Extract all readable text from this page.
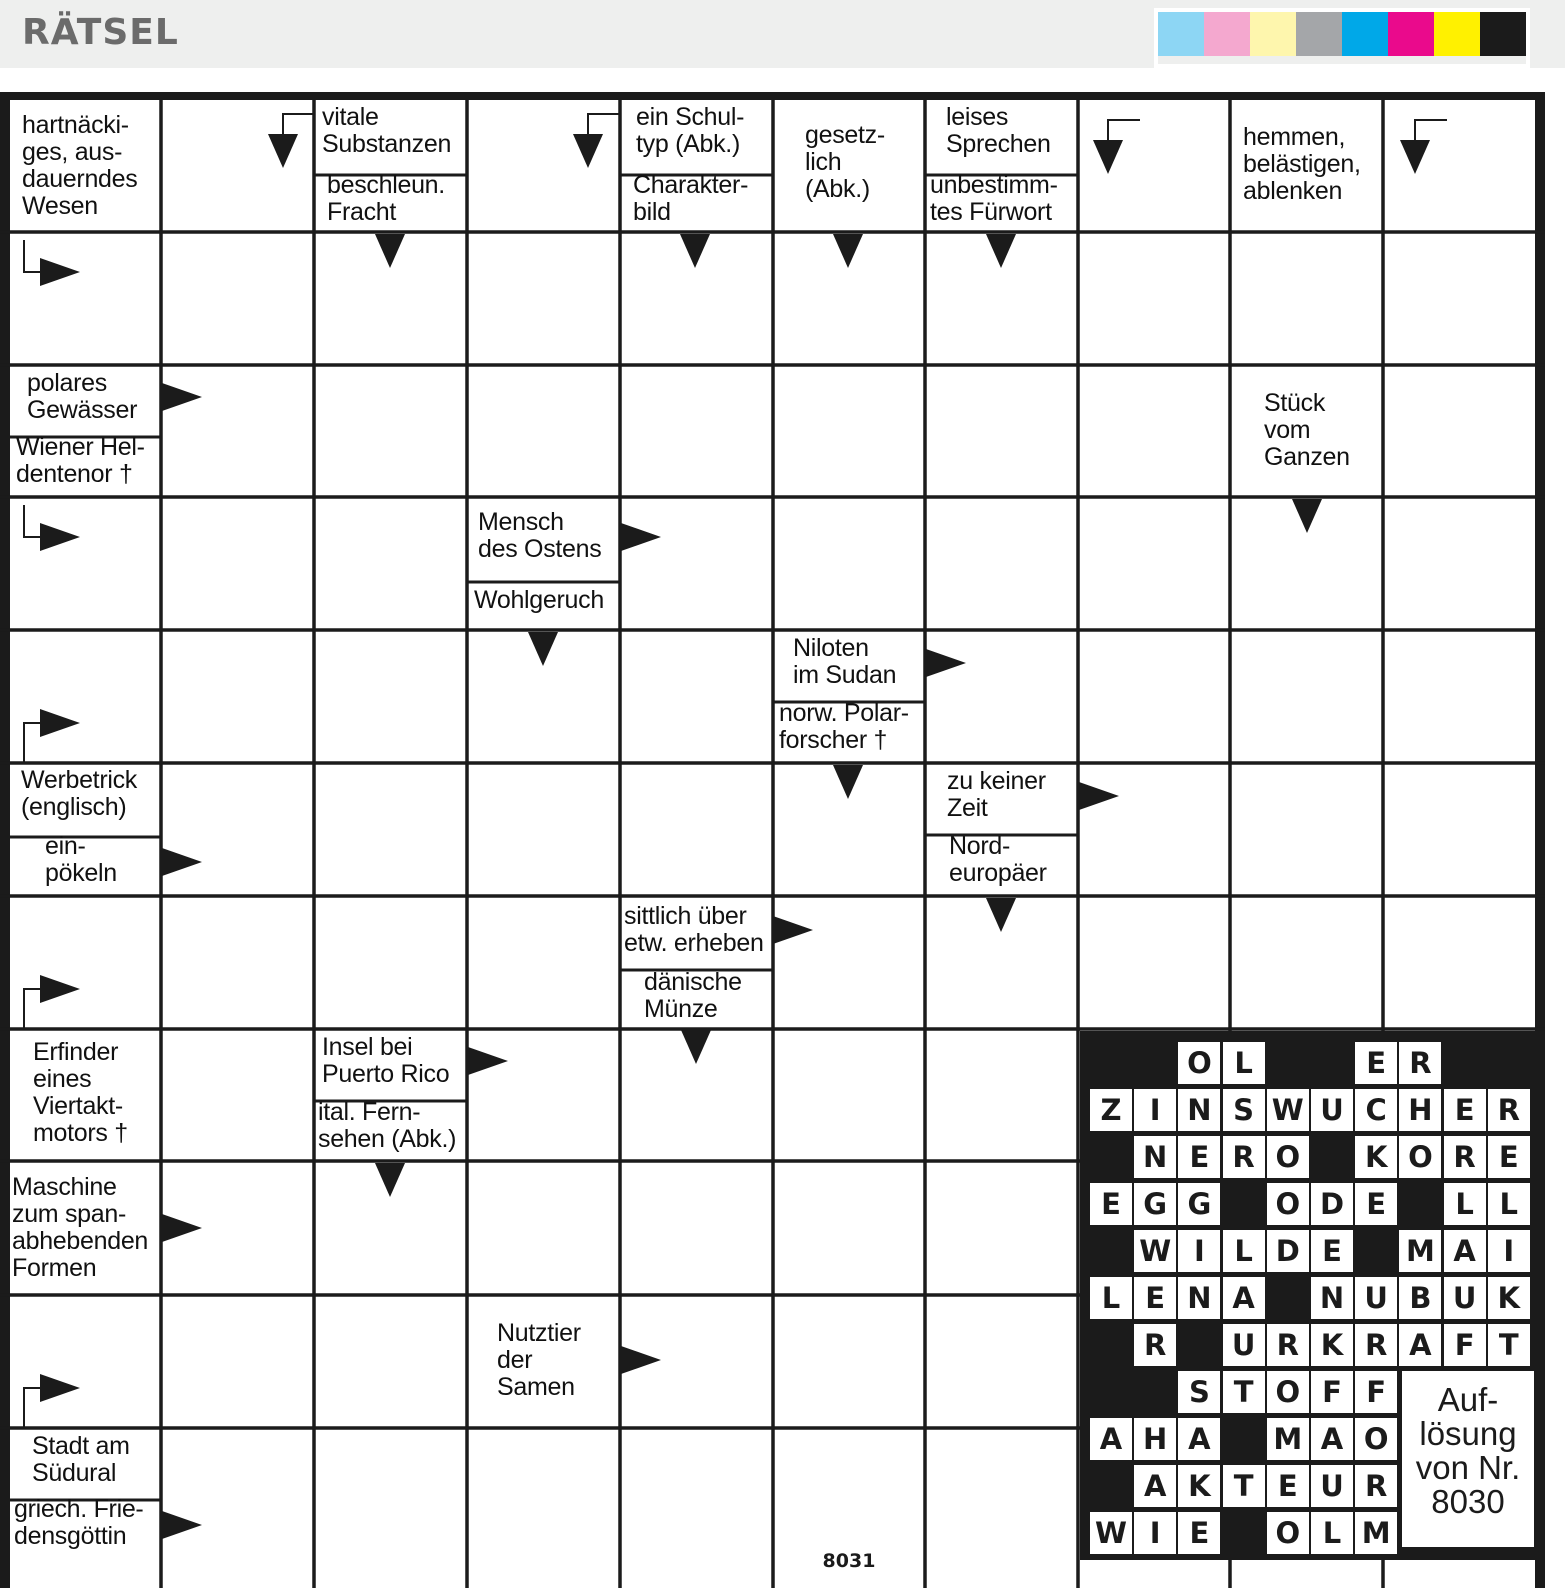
RÄTSEL
hartnäcki-
ges, aus-
dauerndes
Wesen
vitale
Substanzen
beschleun.
Fracht
ein Schul-
typ (Abk.)
Charakter-
bild
gesetz-
lich
(Abk.)
leises
Sprechen
unbestimm-
tes Fürwort
hemmen,
belästigen,
ablenken
polares
Gewässer
Wiener Hel-
dentenor †
Stück
vom
Ganzen
Mensch
des Ostens
Wohlgeruch
Niloten
im Sudan
norw. Polar-
forscher †
Werbetrick
(englisch)
ein-
pökeln
zu keiner
Zeit
Nord-
europäer
sittlich über
etw. erheben
dänische
Münze
Erfinder
eines
Viertakt-
motors †
Insel bei
Puerto Rico
ital. Fern-
sehen (Abk.)
Maschine
zum span-
abhebenden
Formen
Nutztier
der
Samen
Stadt am
Südural
griech. Frie-
densgöttin
O L	E R
Z I N S W U C H E R
N E R O	K O R E
E G G	O D E	L L
W I	L D E	M A I
L E N A	N U B U K
R	U R K R A F T
S T O F F
A H A	M A O
A K T E U R
W I E	O L M
Auf-
lösung
von Nr.
8030
8031
